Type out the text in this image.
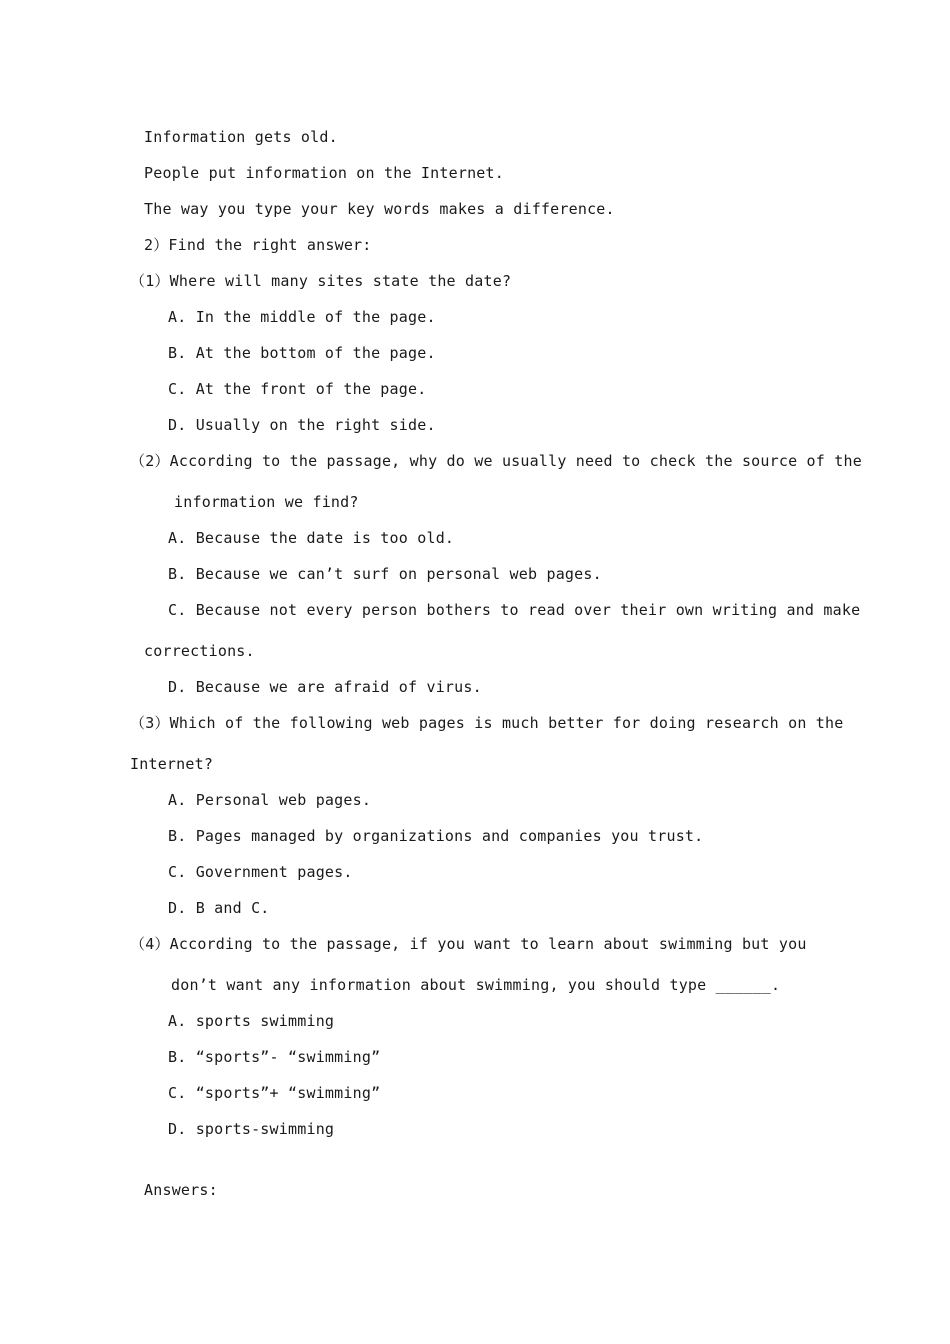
Information gets old.
People put information on the Internet.
The way you type your key words makes a difference.
2）Find the right answer:
（1）Where will many sites state the date?
A. In the middle of the page.
B. At the bottom of the page.
C. At the front of the page.
D. Usually on the right side.
（2）According to the passage, why do we usually need to check the source of the
information we find?
A. Because the date is too old.
B. Because we can’t surf on personal web pages.
C. Because not every person bothers to read over their own writing and make
corrections.
D. Because we are afraid of virus.
（3）Which of the following web pages is much better for doing research on the
Internet?
A. Personal web pages.
B. Pages managed by organizations and companies you trust.
C. Government pages.
D. B and C.
（4）According to the passage, if you want to learn about swimming but you
don’t want any information about swimming, you should type ______.
A. sports swimming
B. “sports”- “swimming”
C. “sports”+ “swimming”
D. sports-swimming
Answers:
